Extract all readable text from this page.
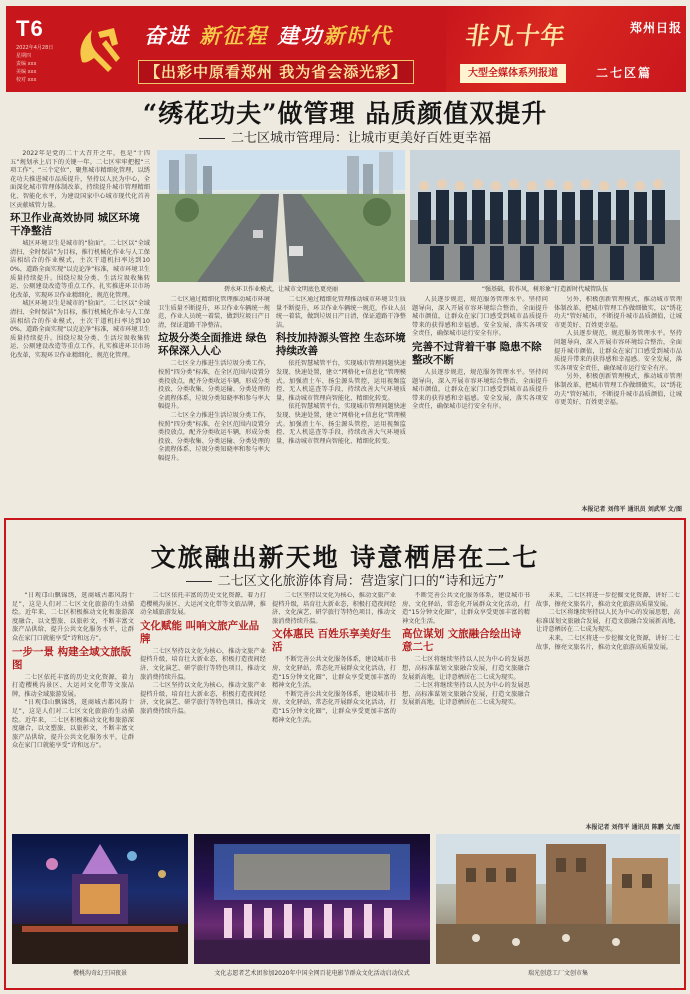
T6
2022年4月28日
星期四
责编 xxx
美编 xxx
校对 xxx
奋进 新征程 建功新时代	非凡十年	郑州日报
【出彩中原看郑州 我为省会添光彩】	大型全媒体系列报道	二七区篇
“绣花功夫”做管理 品质颜值双提升
二七区城市管理局：让城市更美好百姓更幸福
碧水环卫作业模式，让城市文明底色更亮丽	“强基础，转作风，树形象”打造新时代城管队伍

2022年是党的二十大召开之年，也是“十四五”规划承上启下的关键一年。二七区牢牢把握“三项工作”、“三个定位”，聚焦城市精细化管理，以绣花功夫推进城市品质提升，坚持以人民为中心，全面深化城市管理体制改革，持续提升城市管理精细化、智能化水平，为建设国家中心城市现代化首善区贡献城管力量。

环卫作业高效协同 城区环境干净整洁

城区环境卫生是城市的“脸面”。二七区以“全域清扫、全时保洁”为目标，推行机械化作业与人工保洁相结合的作业模式，主次干道机扫率达到100%，道路全面实现“以克论净”标准，城市环境卫生质量持续提升。围绕垃圾分类、生活垃圾收集转运、公厕建设改造等重点工作，扎实推进环卫市场化改革，实现环卫作业精细化、规范化管理。

城区环境卫生是城市的“脸面”。二七区以“全域清扫、全时保洁”为目标，推行机械化作业与人工保洁相结合的作业模式，主次干道机扫率达到100%，道路全面实现“以克论净”标准，城市环境卫生质量持续提升。围绕垃圾分类、生活垃圾收集转运、公厕建设改造等重点工作，扎实推进环卫市场化改革，实现环卫作业精细化、规范化管理。

二七区通过精细化管理推动城市环境卫生质量不断提升，环卫作业车辆统一规范，作业人员统一着装，做到垃圾日产日清，保证道路干净整洁。

垃圾分类全面推进 绿色环保深入人心

二七区全力推进生活垃圾分类工作，按照“四分类”标准，在全区范围内设置分类投放点，配齐分类收运车辆，形成分类投放、分类收集、分类运输、分类处理的全流程体系，垃圾分类知晓率和参与率大幅提升。

二七区全力推进生活垃圾分类工作，按照“四分类”标准，在全区范围内设置分类投放点，配齐分类收运车辆，形成分类投放、分类收集、分类运输、分类处理的全流程体系，垃圾分类知晓率和参与率大幅提升。

二七区通过精细化管理推动城市环境卫生质量不断提升，环卫作业车辆统一规范，作业人员统一着装，做到垃圾日产日清，保证道路干净整洁。

科技加持源头管控 生态环境持续改善

依托智慧城管平台，实现城市管理问题快速发现、快速处置，建立“网格化+信息化”管理模式。加强渣土车、扬尘源头管控，运用视频监控、无人机巡查等手段，持续改善大气环境质量，推动城市管理向智能化、精细化转变。

依托智慧城管平台，实现城市管理问题快速发现、快速处置，建立“网格化+信息化”管理模式。加强渣土车、扬尘源头管控，运用视频监控、无人机巡查等手段，持续改善大气环境质量，推动城市管理向智能化、精细化转变。

人员逐步规范，规范服务管理水平。坚持问题导向，深入开展市容环境综合整治，全面提升城市颜值，让群众在家门口感受到城市品质提升带来的获得感和幸福感。安全发展，落实各项安全责任，确保城市运行安全有序。

完善不过背着干事 隐患不除整改不断

人员逐步规范，规范服务管理水平。坚持问题导向，深入开展市容环境综合整治，全面提升城市颜值，让群众在家门口感受到城市品质提升带来的获得感和幸福感。安全发展，落实各项安全责任，确保城市运行安全有序。

另外，积极创新管理模式，推动城市管理体制改革，把城市管理工作做细做实，以“绣花功夫”管好城市，不断提升城市品质颜值，让城市更美好、百姓更幸福。

人员逐步规范，规范服务管理水平。坚持问题导向，深入开展市容环境综合整治，全面提升城市颜值，让群众在家门口感受到城市品质提升带来的获得感和幸福感。安全发展，落实各项安全责任，确保城市运行安全有序。

另外，积极创新管理模式，推动城市管理体制改革，把城市管理工作做细做实，以“绣花功夫”管好城市，不断提升城市品质颜值，让城市更美好、百姓更幸福。

本报记者 刘伟平 通讯员 刘武军 文/图
文旅融出新天地 诗意栖居在二七
二七区文化旅游体育局：营造家门口的“诗和远方”

“日观邙山飘锦绣，逛商城古都风韵十足”，这是人们对二七区文化旅游的生动描绘。近年来，二七区积极推动文化和旅游深度融合，以文塑旅、以旅彰文，不断丰富文旅产品供给，提升公共文化服务水平，让群众在家门口就能享受“诗和远方”。

一步一景 构建全域文旅版图

二七区依托丰富的历史文化资源，着力打造樱桃沟景区、大运河文化带等文旅品牌，推动全域旅游发展。

“日观邙山飘锦绣，逛商城古都风韵十足”，这是人们对二七区文化旅游的生动描绘。近年来，二七区积极推动文化和旅游深度融合，以文塑旅、以旅彰文，不断丰富文旅产品供给，提升公共文化服务水平，让群众在家门口就能享受“诗和远方”。

二七区依托丰富的历史文化资源，着力打造樱桃沟景区、大运河文化带等文旅品牌，推动全域旅游发展。

文化赋能 叫响文旅产业品牌

二七区坚持以文化为核心，推动文旅产业提档升级，培育壮大新业态，积极打造夜间经济、文化演艺、研学旅行等特色项目，推动文旅消费持续升温。

二七区坚持以文化为核心，推动文旅产业提档升级，培育壮大新业态，积极打造夜间经济、文化演艺、研学旅行等特色项目，推动文旅消费持续升温。

二七区坚持以文化为核心，推动文旅产业提档升级，培育壮大新业态，积极打造夜间经济、文化演艺、研学旅行等特色项目，推动文旅消费持续升温。

文体惠民 百姓乐享美好生活

不断完善公共文化服务体系，建设城市书房、文化驿站，常态化开展群众文化活动，打造“15分钟文化圈”，让群众享受更加丰富的精神文化生活。

不断完善公共文化服务体系，建设城市书房、文化驿站，常态化开展群众文化活动，打造“15分钟文化圈”，让群众享受更加丰富的精神文化生活。

不断完善公共文化服务体系，建设城市书房、文化驿站，常态化开展群众文化活动，打造“15分钟文化圈”，让群众享受更加丰富的精神文化生活。

高位谋划 文旅融合绘出诗意二七

二七区将继续坚持以人民为中心的发展思想，高标准谋划文旅融合发展，打造文旅融合发展新高地，让诗意栖居在二七成为现实。

二七区将继续坚持以人民为中心的发展思想，高标准谋划文旅融合发展，打造文旅融合发展新高地，让诗意栖居在二七成为现实。

未来，二七区将进一步挖掘文化资源，讲好二七故事，擦亮文旅名片，推动文化旅游高质量发展。

二七区将继续坚持以人民为中心的发展思想，高标准谋划文旅融合发展，打造文旅融合发展新高地，让诗意栖居在二七成为现实。

未来，二七区将进一步挖掘文化资源，讲好二七故事，擦亮文旅名片，推动文化旅游高质量发展。

本报记者 刘伟平 通讯员 陈鹏 文/图
樱桃沟奇幻王国夜景	文化志愿者艺术团参加2020年中国全网百花电影节群众文化活动启动仪式	瑞光创意工厂文创市集
